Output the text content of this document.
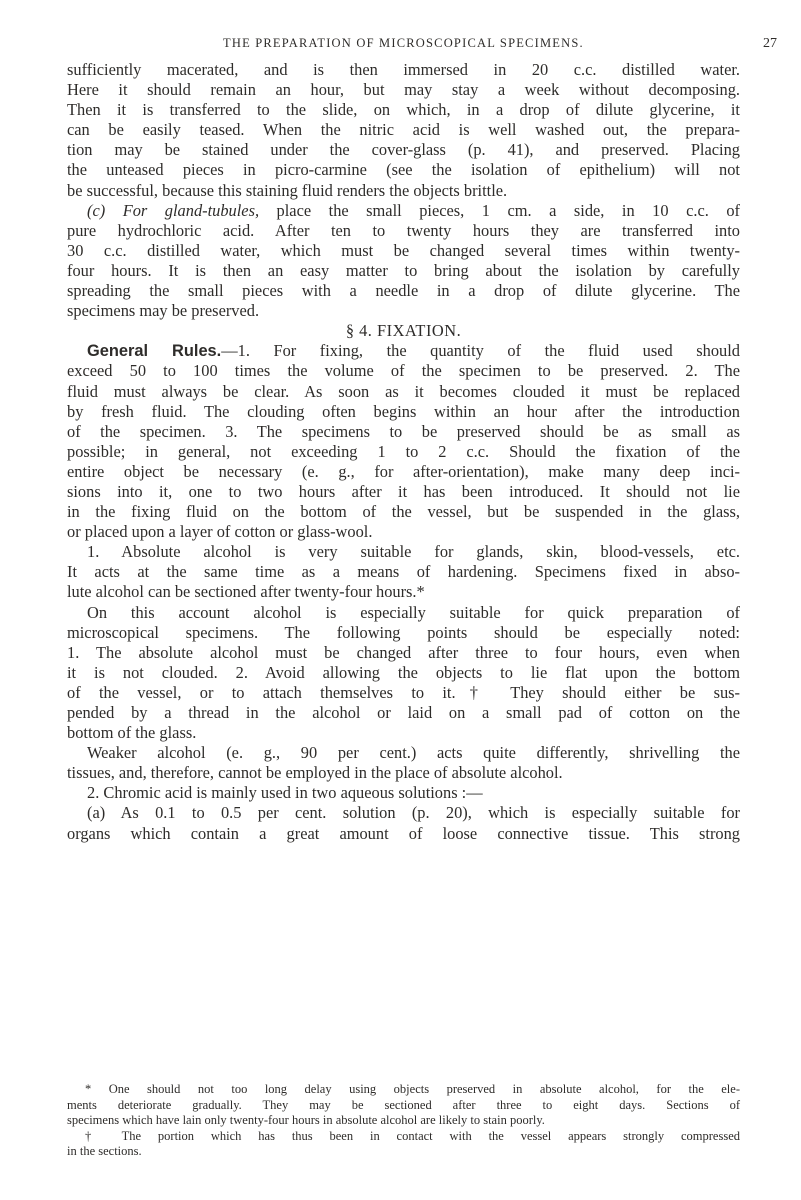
THE PREPARATION OF MICROSCOPICAL SPECIMENS.	27
sufficiently macerated, and is then immersed in 20 c.c. distilled water.
Here it should remain an hour, but may stay a week without decomposing.
Then it is transferred to the slide, on which, in a drop of dilute glycerine, it
can be easily teased. When the nitric acid is well washed out, the prepara-
tion may be stained under the cover-glass (p. 41), and preserved. Placing
the unteased pieces in picro-carmine (see the isolation of epithelium) will not
be successful, because this staining fluid renders the objects brittle.
(c) For gland-tubules, place the small pieces, 1 cm. a side, in 10 c.c. of
pure hydrochloric acid. After ten to twenty hours they are transferred into
30 c.c. distilled water, which must be changed several times within twenty-
four hours. It is then an easy matter to bring about the isolation by carefully
spreading the small pieces with a needle in a drop of dilute glycerine. The
specimens may be preserved.
§ 4. FIXATION.
General Rules.—1. For fixing, the quantity of the fluid used should
exceed 50 to 100 times the volume of the specimen to be preserved. 2. The
fluid must always be clear. As soon as it becomes clouded it must be replaced
by fresh fluid. The clouding often begins within an hour after the introduction
of the specimen. 3. The specimens to be preserved should be as small as
possible; in general, not exceeding 1 to 2 c.c. Should the fixation of the
entire object be necessary (e. g., for after-orientation), make many deep inci-
sions into it, one to two hours after it has been introduced. It should not lie
in the fixing fluid on the bottom of the vessel, but be suspended in the glass,
or placed upon a layer of cotton or glass-wool.
1. Absolute alcohol is very suitable for glands, skin, blood-vessels, etc.
It acts at the same time as a means of hardening. Specimens fixed in abso-
lute alcohol can be sectioned after twenty-four hours.*
On this account alcohol is especially suitable for quick preparation of
microscopical specimens. The following points should be especially noted:
1. The absolute alcohol must be changed after three to four hours, even when
it is not clouded. 2. Avoid allowing the objects to lie flat upon the bottom
of the vessel, or to attach themselves to it.† They should either be sus-
pended by a thread in the alcohol or laid on a small pad of cotton on the
bottom of the glass.
Weaker alcohol (e. g., 90 per cent.) acts quite differently, shrivelling the
tissues, and, therefore, cannot be employed in the place of absolute alcohol.
2. Chromic acid is mainly used in two aqueous solutions :—
(a) As 0.1 to 0.5 per cent. solution (p. 20), which is especially suitable for
organs which contain a great amount of loose connective tissue. This strong
* One should not too long delay using objects preserved in absolute alcohol, for the ele-
ments deteriorate gradually. They may be sectioned after three to eight days. Sections of
specimens which have lain only twenty-four hours in absolute alcohol are likely to stain poorly.
† The portion which has thus been in contact with the vessel appears strongly compressed
in the sections.
